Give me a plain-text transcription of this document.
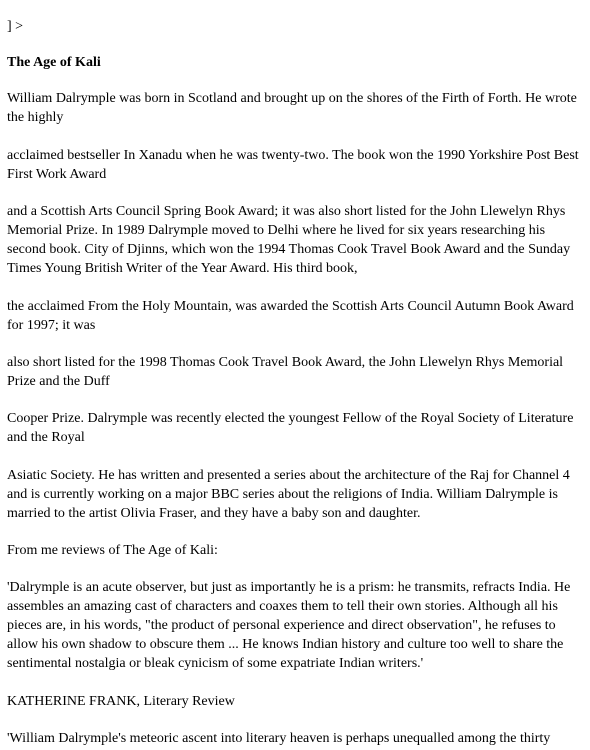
] >
The Age of Kali

William Dalrymple was born in Scotland and brought up on the shores of the Firth of Forth. He wrote the highly

acclaimed bestseller In Xanadu when he was twenty-two. The book won the 1990 Yorkshire Post Best First Work Award

and a Scottish Arts Council Spring Book Award; it was also short listed for the John Llewelyn Rhys Memorial Prize. In 1989 Dalrymple moved to Delhi where he lived for six years researching his second book. City of Djinns, which won the 1994 Thomas Cook Travel Book Award and the Sunday Times Young British Writer of the Year Award. His third book,

the acclaimed From the Holy Mountain, was awarded the Scottish Arts Council Autumn Book Award for 1997; it was

also short listed for the 1998 Thomas Cook Travel Book Award, the John Llewelyn Rhys Memorial Prize and the Duff

Cooper Prize. Dalrymple was recently elected the youngest Fellow of the Royal Society of Literature and the Royal

Asiatic Society. He has written and presented a series about the architecture of the Raj for Channel 4 and is currently working on a major BBC series about the religions of India. William Dalrymple is married to the artist Olivia Fraser, and they have a baby son and daughter.

From me reviews of The Age of Kali:

'Dalrymple is an acute observer, but just as importantly he is a prism: he transmits, refracts India. He assembles an amazing cast of characters and coaxes them to tell their own stories. Although all his pieces are, in his words, "the product of personal experience and direct observation", he refuses to allow his own shadow to obscure them ... He knows Indian history and culture too well to share the sentimental nostalgia or bleak cynicism of some expatriate Indian writers.'

KATHERINE FRANK, Literary Review

'William Dalrymple's meteoric ascent into literary heaven is perhaps unequalled among the thirty
